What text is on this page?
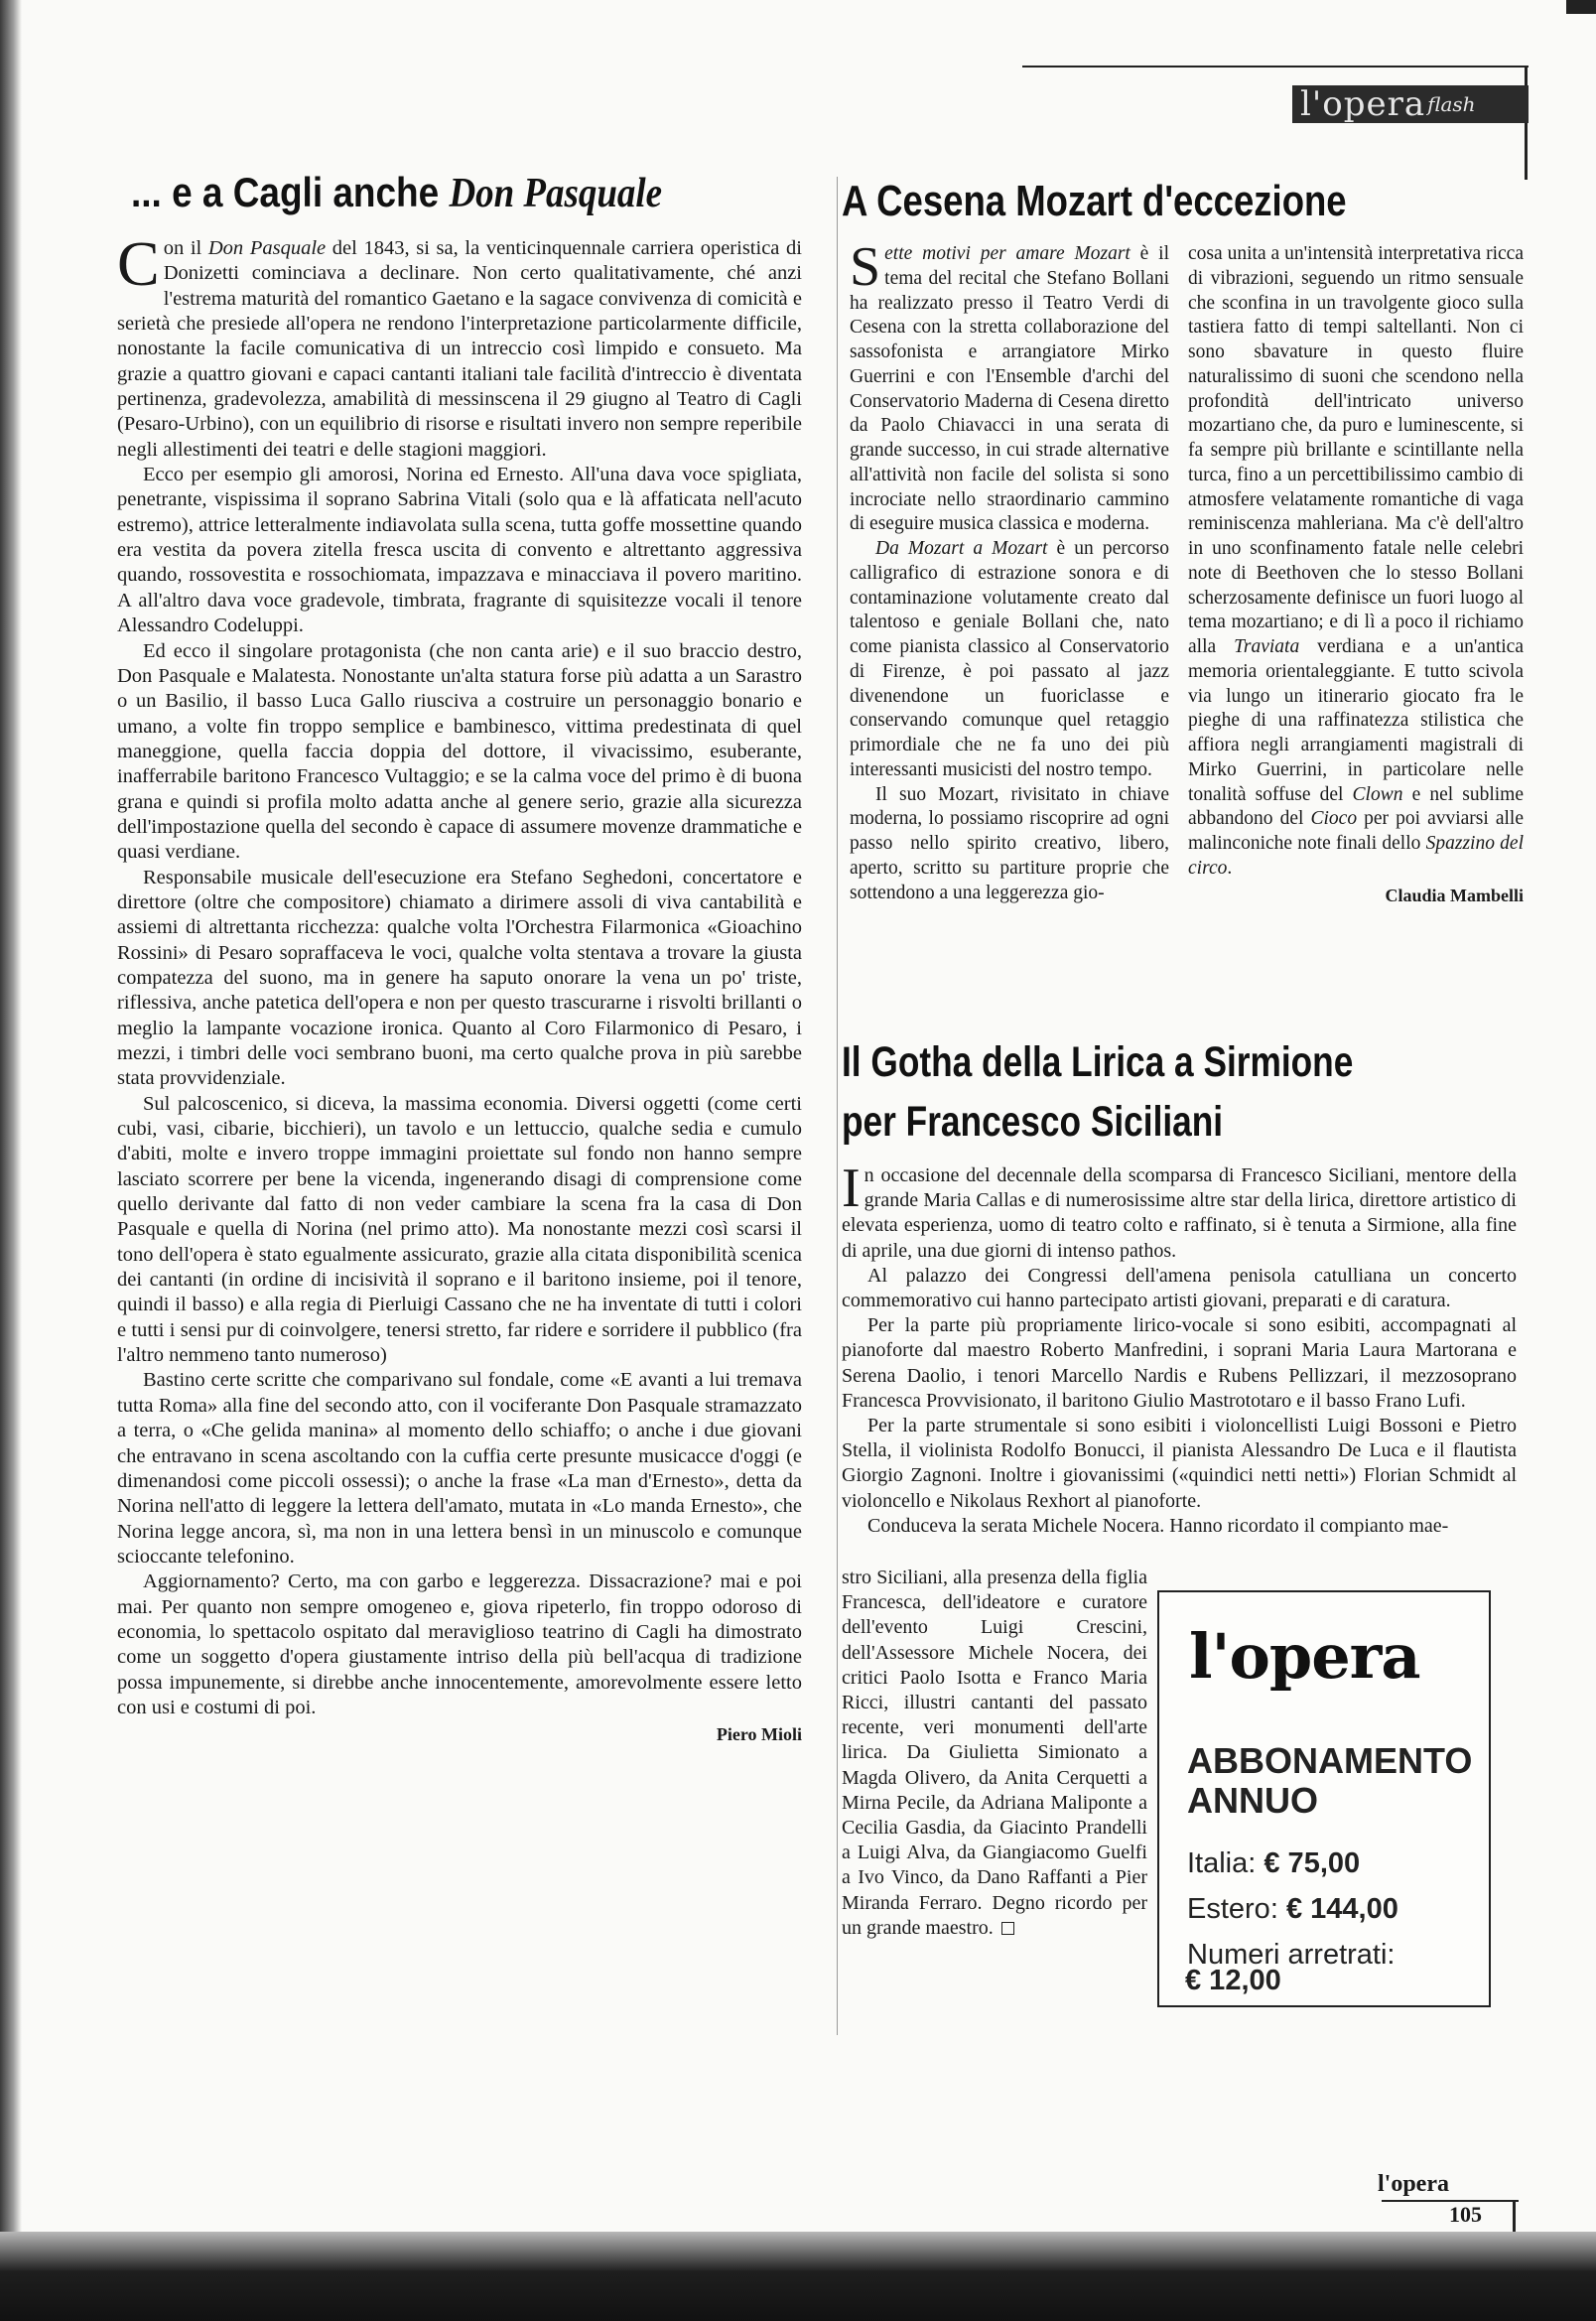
l'opera flash
... e a Cagli anche Don Pasquale

Con il Don Pasquale del 1843, si sa, la venticinquennale carriera operistica di Donizetti cominciava a declinare. Non certo qualitativamente, ché anzi l'estrema maturità del romantico Gaetano e la sagace convivenza di comicità e serietà che presiede all'opera ne rendono l'interpretazione particolarmente difficile, nonostante la facile comunicativa di un intreccio così limpido e consueto. Ma grazie a quattro giovani e capaci cantanti italiani tale facilità d'intreccio è diventata pertinenza, gradevolezza, amabilità di messinscena il 29 giugno al Teatro di Cagli (Pesaro-Urbino), con un equilibrio di risorse e risultati invero non sempre reperibile negli allestimenti dei teatri e delle stagioni maggiori.

Ecco per esempio gli amorosi, Norina ed Ernesto. All'una dava voce spigliata, penetrante, vispissima il soprano Sabrina Vitali (solo qua e là affaticata nell'acuto estremo), attrice letteralmente indiavolata sulla scena, tutta goffe mossettine quando era vestita da povera zitella fresca uscita di convento e altrettanto aggressiva quando, rossovestita e rossochiomata, impazzava e minacciava il povero maritino. A all'altro dava voce gradevole, timbrata, fragrante di squisitezze vocali il tenore Alessandro Codeluppi.

Ed ecco il singolare protagonista (che non canta arie) e il suo braccio destro, Don Pasquale e Malatesta. Nonostante un'alta statura forse più adatta a un Sarastro o un Basilio, il basso Luca Gallo riusciva a costruire un personaggio bonario e umano, a volte fin troppo semplice e bambinesco, vittima predestinata di quel maneggione, quella faccia doppia del dottore, il vivacissimo, esuberante, inafferrabile baritono Francesco Vultaggio; e se la calma voce del primo è di buona grana e quindi si profila molto adatta anche al genere serio, grazie alla sicurezza dell'impostazione quella del secondo è capace di assumere movenze drammatiche e quasi verdiane.

Responsabile musicale dell'esecuzione era Stefano Seghedoni, concertatore e direttore (oltre che compositore) chiamato a dirimere assoli di viva cantabilità e assiemi di altrettanta ricchezza: qualche volta l'Orchestra Filarmonica «Gioachino Rossini» di Pesaro sopraffaceva le voci, qualche volta stentava a trovare la giusta compatezza del suono, ma in genere ha saputo onorare la vena un po' triste, riflessiva, anche patetica dell'opera e non per questo trascurarne i risvolti brillanti o meglio la lampante vocazione ironica. Quanto al Coro Filarmonico di Pesaro, i mezzi, i timbri delle voci sembrano buoni, ma certo qualche prova in più sarebbe stata provvidenziale.

Sul palcoscenico, si diceva, la massima economia. Diversi oggetti (come certi cubi, vasi, cibarie, bicchieri), un tavolo e un lettuccio, qualche sedia e cumulo d'abiti, molte e invero troppe immagini proiettate sul fondo non hanno sempre lasciato scorrere per bene la vicenda, ingenerando disagi di comprensione come quello derivante dal fatto di non veder cambiare la scena fra la casa di Don Pasquale e quella di Norina (nel primo atto). Ma nonostante mezzi così scarsi il tono dell'opera è stato egualmente assicurato, grazie alla citata disponibilità scenica dei cantanti (in ordine di incisività il soprano e il baritono insieme, poi il tenore, quindi il basso) e alla regia di Pierluigi Cassano che ne ha inventate di tutti i colori e tutti i sensi pur di coinvolgere, tenersi stretto, far ridere e sorridere il pubblico (fra l'altro nemmeno tanto numeroso)

Bastino certe scritte che comparivano sul fondale, come «E avanti a lui tremava tutta Roma» alla fine del secondo atto, con il vociferante Don Pasquale stramazzato a terra, o «Che gelida manina» al momento dello schiaffo; o anche i due giovani che entravano in scena ascoltando con la cuffia certe presunte musicacce d'oggi (e dimenandosi come piccoli ossessi); o anche la frase «La man d'Ernesto», detta da Norina nell'atto di leggere la lettera dell'amato, mutata in «Lo manda Ernesto», che Norina legge ancora, sì, ma non in una lettera bensì in un minuscolo e comunque scioccante telefonino.

Aggiornamento? Certo, ma con garbo e leggerezza. Dissacrazione? mai e poi mai. Per quanto non sempre omogeneo e, giova ripeterlo, fin troppo odoroso di economia, lo spettacolo ospitato dal meraviglioso teatrino di Cagli ha dimostrato come un soggetto d'opera giustamente intriso della più bell'acqua di tradizione possa impunemente, si direbbe anche innocentemente, amorevolmente essere letto con usi e costumi di poi.

Piero Mioli
A Cesena Mozart d'eccezione

Sette motivi per amare Mozart è il tema del recital che Stefano Bollani ha realizzato presso il Teatro Verdi di Cesena con la stretta collaborazione del sassofonista e arrangiatore Mirko Guerrini e con l'Ensemble d'archi del Conservatorio Maderna di Cesena diretto da Paolo Chiavacci in una serata di grande successo, in cui strade alternative all'attività non facile del solista si sono incrociate nello straordinario cammino di eseguire musica classica e moderna.

Da Mozart a Mozart è un percorso calligrafico di estrazione sonora e di contaminazione volutamente creato dal talentoso e geniale Bollani che, nato come pianista classico al Conservatorio di Firenze, è poi passato al jazz divenendone un fuoriclasse e conservando comunque quel retaggio primordiale che ne fa uno dei più interessanti musicisti del nostro tempo.

Il suo Mozart, rivisitato in chiave moderna, lo possiamo riscoprire ad ogni passo nello spirito creativo, libero, aperto, scritto su partiture proprie che sottendono a una leggerezza gio-

cosa unita a un'intensità interpretativa ricca di vibrazioni, seguendo un ritmo sensuale che sconfina in un travolgente gioco sulla tastiera fatto di tempi saltellanti. Non ci sono sbavature in questo fluire naturalissimo di suoni che scendono nella profondità dell'intricato universo mozartiano che, da puro e luminescente, si fa sempre più brillante e scintillante nella turca, fino a un percettibilissimo cambio di atmosfere velatamente romantiche di vaga reminiscenza mahleriana. Ma c'è dell'altro in uno sconfinamento fatale nelle celebri note di Beethoven che lo stesso Bollani scherzosamente definisce un fuori luogo al tema mozartiano; e di lì a poco il richiamo alla Traviata verdiana e a un'antica memoria orientaleggiante. E tutto scivola via lungo un itinerario giocato fra le pieghe di una raffinatezza stilistica che affiora negli arrangiamenti magistrali di Mirko Guerrini, in particolare nelle tonalità soffuse del Clown e nel sublime abbandono del Cioco per poi avviarsi alle malinconiche note finali dello Spazzino del circo.

Claudia Mambelli
Il Gotha della Lirica a Sirmione
per Francesco Siciliani

In occasione del decennale della scomparsa di Francesco Siciliani, mentore della grande Maria Callas e di numerosissime altre star della lirica, direttore artistico di elevata esperienza, uomo di teatro colto e raffinato, si è tenuta a Sirmione, alla fine di aprile, una due giorni di intenso pathos.

Al palazzo dei Congressi dell'amena penisola catulliana un concerto commemorativo cui hanno partecipato artisti giovani, preparati e di caratura.

Per la parte più propriamente lirico-vocale si sono esibiti, accompagnati al pianoforte dal maestro Roberto Manfredini, i soprani Maria Laura Martorana e Serena Daolio, i tenori Marcello Nardis e Rubens Pellizzari, il mezzosoprano Francesca Provvisionato, il baritono Giulio Mastrototaro e il basso Frano Lufi.

Per la parte strumentale si sono esibiti i violoncellisti Luigi Bossoni e Pietro Stella, il violinista Rodolfo Bonucci, il pianista Alessandro De Luca e il flautista Giorgio Zagnoni. Inoltre i giovanissimi («quindici netti netti») Florian Schmidt al violoncello e Nikolaus Rexhort al pianoforte.

Conduceva la serata Michele Nocera. Hanno ricordato il compianto mae-

stro Siciliani, alla presenza della figlia Francesca, dell'ideatore e curatore dell'evento Luigi Crescini, dell'Assessore Michele Nocera, dei critici Paolo Isotta e Franco Maria Ricci, illustri cantanti del passato recente, veri monumenti dell'arte lirica. Da Giulietta Simionato a Magda Olivero, da Anita Cerquetti a Mirna Pecile, da Adriana Maliponte a Cecilia Gasdia, da Giacinto Prandelli a Luigi Alva, da Giangiacomo Guelfi a Ivo Vinco, da Dano Raffanti a Pier Miranda Ferraro. Degno ricordo per un grande maestro.

l'opera
ABBONAMENTO
ANNUO
Italia: € 75,00
Estero: € 144,00
Numeri arretrati:
€ 12,00
l'opera
105
